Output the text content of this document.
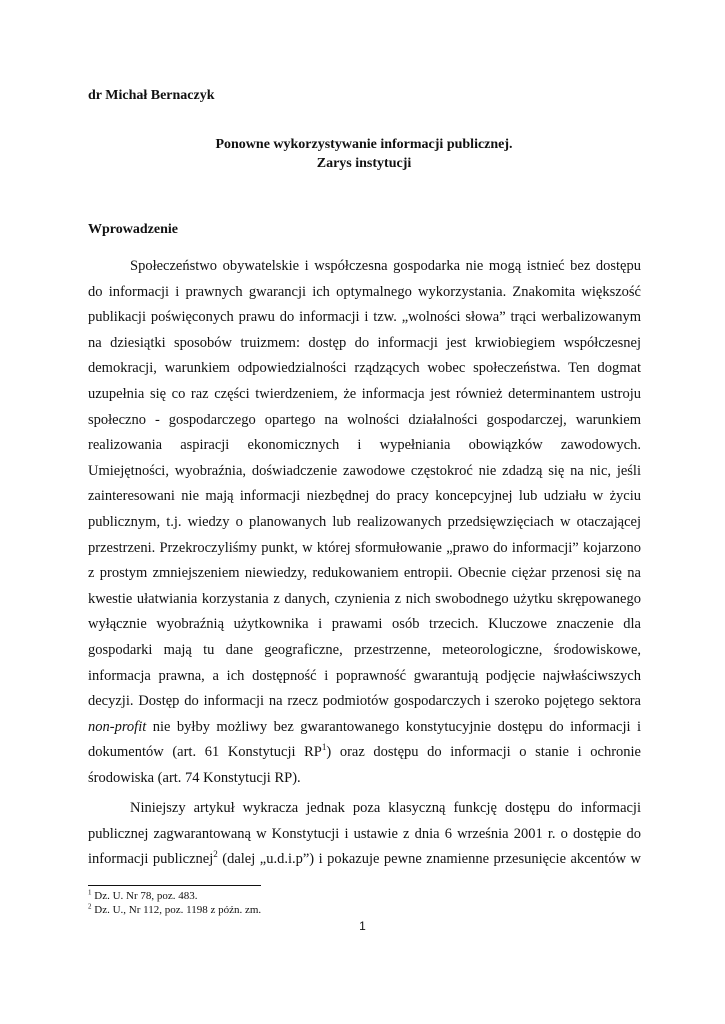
dr Michał Bernaczyk
Ponowne wykorzystywanie informacji publicznej.
Zarys instytucji
Wprowadzenie
Społeczeństwo obywatelskie i współczesna gospodarka nie mogą istnieć bez dostępu
do informacji i prawnych gwarancji ich optymalnego wykorzystania. Znakomita większość
publikacji poświęconych prawu do informacji i tzw. „wolności słowa” trąci werbalizowanym
na dziesiątki sposobów truizmem: dostęp do informacji jest krwiobiegiem współczesnej
demokracji, warunkiem odpowiedzialności rządzących wobec społeczeństwa. Ten dogmat
uzupełnia się co raz części twierdzeniem, że informacja jest również determinantem ustroju
społeczno - gospodarczego opartego na wolności działalności gospodarczej, warunkiem
realizowania aspiracji ekonomicznych i wypełniania obowiązków zawodowych.
Umiejętności, wyobraźnia, doświadczenie zawodowe częstokroć nie zdadzą się na nic, jeśli
zainteresowani nie mają informacji niezbędnej do pracy koncepcyjnej lub udziału w życiu
publicznym, t.j. wiedzy o planowanych lub realizowanych przedsięwzięciach w otaczającej
przestrzeni. Przekroczyliśmy punkt, w której sformułowanie „prawo do informacji” kojarzono
z prostym zmniejszeniem niewiedzy, redukowaniem entropii. Obecnie ciężar przenosi się na
kwestie ułatwiania korzystania z danych, czynienia z nich swobodnego użytku skrępowanego
wyłącznie wyobraźnią użytkownika i prawami osób trzecich. Kluczowe znaczenie dla
gospodarki mają tu dane geograficzne, przestrzenne, meteorologiczne, środowiskowe,
informacja prawna, a ich dostępność i poprawność gwarantują podjęcie najwłaściwszych
decyzji. Dostęp do informacji na rzecz podmiotów gospodarczych i szeroko pojętego sektora
non-profit nie byłby możliwy bez gwarantowanego konstytucyjnie dostępu do informacji i
dokumentów (art. 61 Konstytucji $RP^1$) oraz dostępu do informacji o stanie i ochronie
środowiska (art. 74 Konstytucji RP).
Niniejszy artykuł wykracza jednak poza klasyczną funkcję dostępu do informacji
publicznej zagwarantowaną w Konstytucji i ustawie z dnia 6 września 2001 r. o dostępie do
informacji publicznej$^2$ (dalej „u.d.i.p”) i pokazuje pewne znamienne przesunięcie akcentów w
$^1$ Dz. U. Nr 78, poz. 483.
$^2$ Dz. U., Nr 112, poz. 1198 z późn. zm.
1
